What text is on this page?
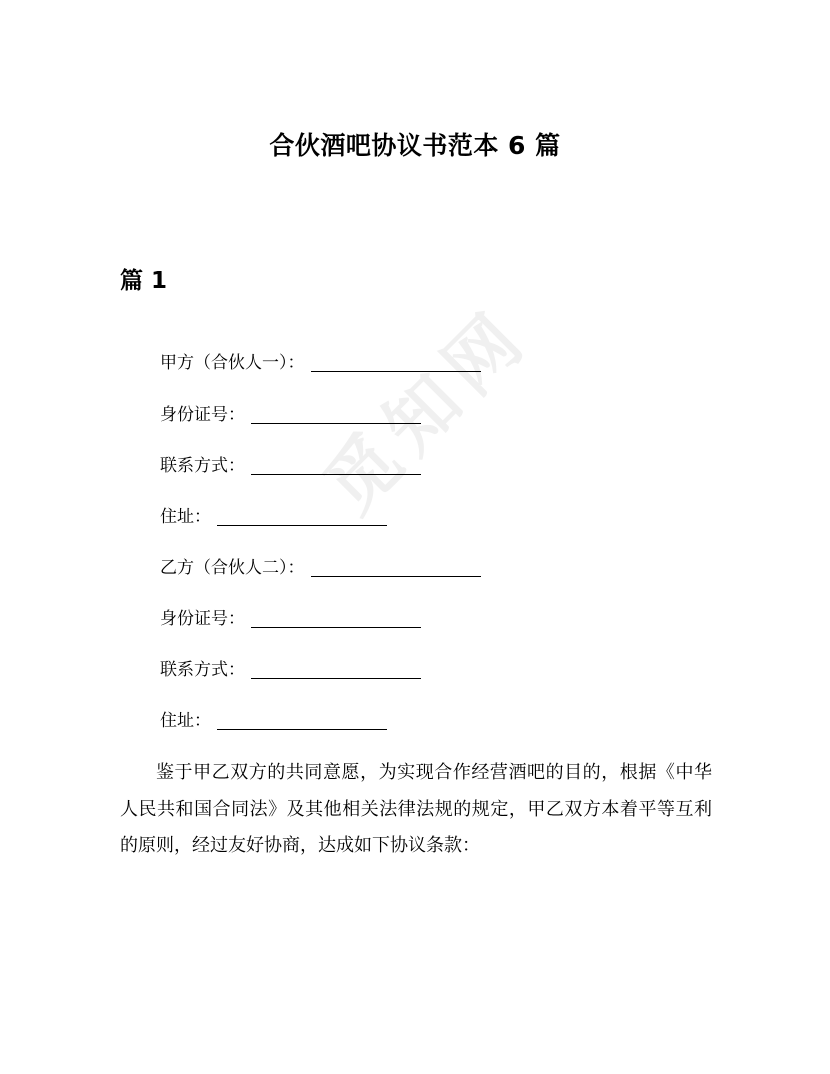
觅知网
合伙酒吧协议书范本 6 篇
篇 1
甲方（合伙人一）：
身份证号：
联系方式：
住址：
乙方（合伙人二）：
身份证号：
联系方式：
住址：
鉴于甲乙双方的共同意愿，为实现合作经营酒吧的目的，根据《中华人民共和国合同法》及其他相关法律法规的规定，甲乙双方本着平等互利的原则，经过友好协商，达成如下协议条款：
